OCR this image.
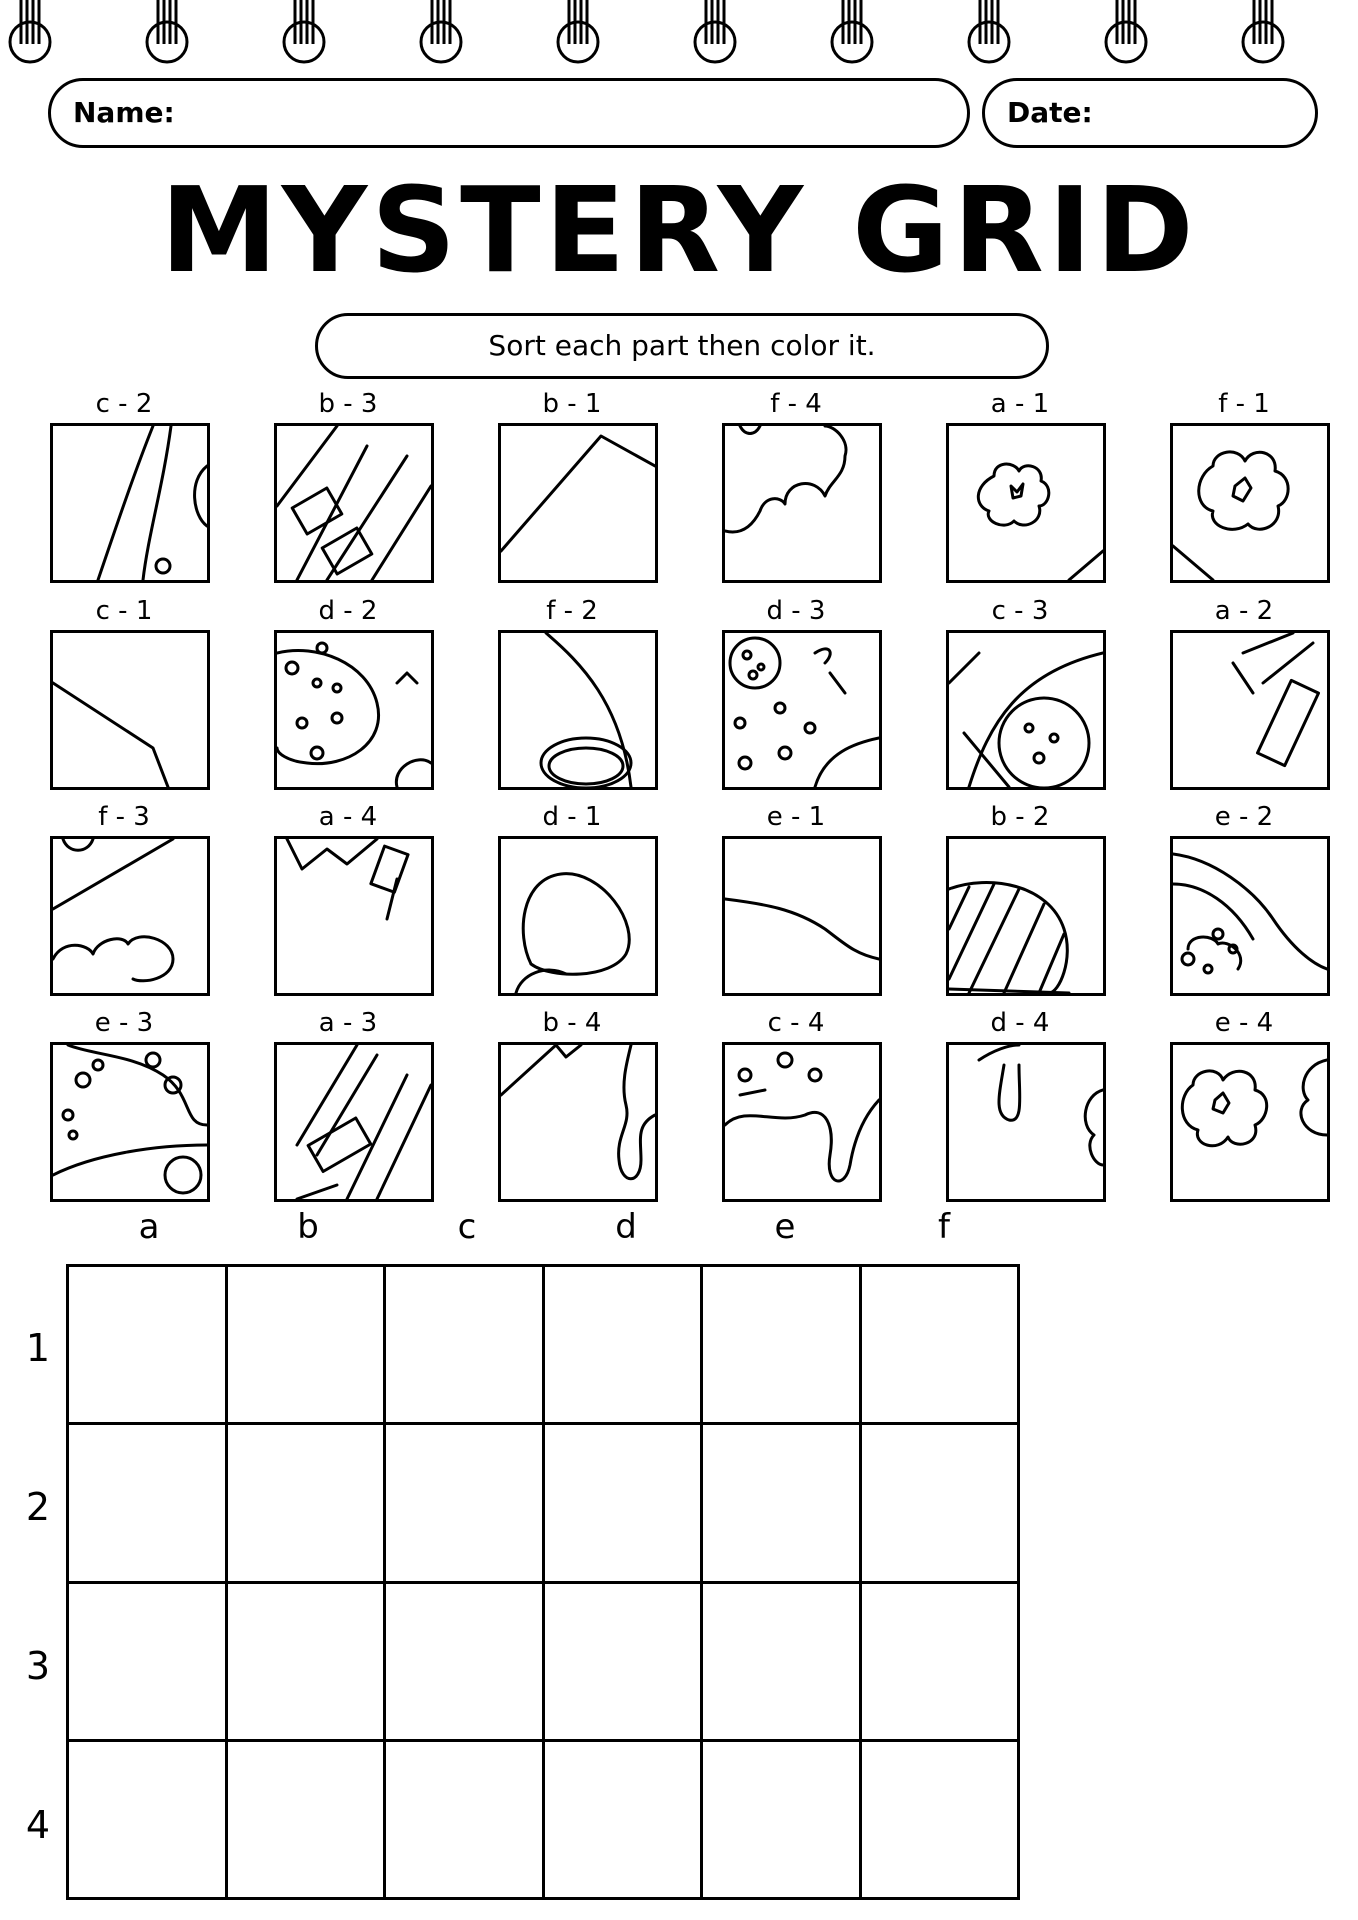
Name:	Date:
MYSTERY GRID
Sort each part then color it.
c - 2	b - 3	b - 1	f - 4	a - 1	f - 1
c - 1	d - 2	f - 2	d - 3	c - 3	a - 2
f - 3	a - 4	d - 1	e - 1	b - 2	e - 2
e - 3	a - 3	b - 4	c - 4	d - 4	e - 4
a	b	c	d	e	f
1
2
3
4
